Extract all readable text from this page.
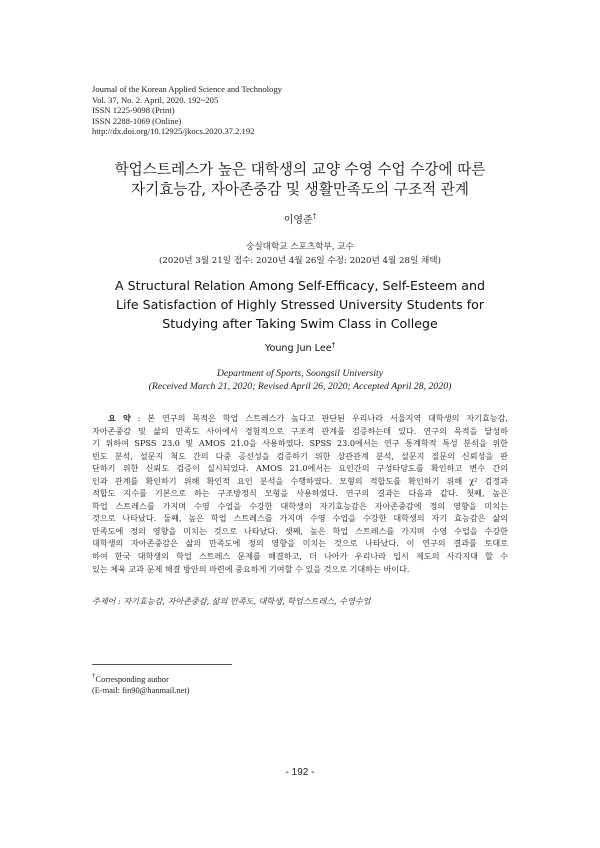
Journal of the Korean Applied Science and Technology
Vol. 37, No. 2. April, 2020. 192~205
ISSN 1225-9098 (Print)
ISSN 2288-1069 (Online)
http://dx.doi.org/10.12925/jkocs.2020.37.2.192
학업스트레스가 높은 대학생의 교양 수영 수업 수강에 따른
자기효능감, 자아존중감 및 생활만족도의 구조적 관계
이영준†
숭실대학교 스포츠학부, 교수
(2020년 3월 21일 접수: 2020년 4월 26일 수정: 2020년 4월 28일 채택)
A Structural Relation Among Self-Efficacy, Self-Esteem and
Life Satisfaction of Highly Stressed University Students for
Studying after Taking Swim Class in College
Young Jun Lee†
Department of Sports, Soongsil University
(Received March 21, 2020; Revised April 26, 2020; Accepted April 28, 2020)
요 약 : 본 연구의 목적은 학업 스트레스가 높다고 판단된 우리나라 서울지역 대학생의 자기효능감,
자아존중감 및 삶의 만족도 사이에서 경험적으로 구조적 관계를 검증하는데 있다. 연구의 목적을 달성하
기 위하여 SPSS 23.0 및 AMOS 21.0을 사용하였다. SPSS 23.0에서는 연구 통계학적 특성 분석을 위한
빈도 분석, 설문지 척도 간의 다중 공선성을 검증하기 위한 상관관계 분석, 설문지 질문의 신뢰성을 판
단하기 위한 신뢰도 검증이 실시되었다. AMOS 21.0에서는 요인간의 구성타당도를 확인하고 변수 간의
인과 관계를 확인하기 위해 확인적 요인 분석을 수행하였다. 모형의 적합도를 확인하기 위해 χ² 검정과
적합도 지수를 기본으로 하는 구조방정식 모형을 사용하였다. 연구의 결과는 다음과 같다. 첫째, 높은
학업 스트레스를 가지며 수영 수업을 수강한 대학생의 자기효능감은 자아존중감에 정의 영향을 미치는
것으로 나타났다. 둘째, 높은 학업 스트레스를 가지며 수영 수업을 수강한 대학생의 자기 효능감은 삶의
만족도에 정의 영향을 미치는 것으로 나타났다. 셋째, 높은 학업 스트레스를 가지며 수영 수업을 수강한
대학생의 자아존중감은 삶의 만족도에 정의 영향을 미치는 것으로 나타났다. 이 연구의 결과를 토대로
하여 한국 대학생의 학업 스트레스 문제를 해결하고, 더 나아가 우리나라 입시 제도의 사각지대 할 수
있는 체육 교과 문제 해결 방안의 마련에 중요하게 기여할 수 있을 것으로 기대하는 바이다.
주제어 : 자기효능감, 자아존중감, 삶의 만족도, 대학생, 학업스트레스, 수영수업
†Corresponding author
(E-mail: fin90@hanmail.net)
- 192 -
